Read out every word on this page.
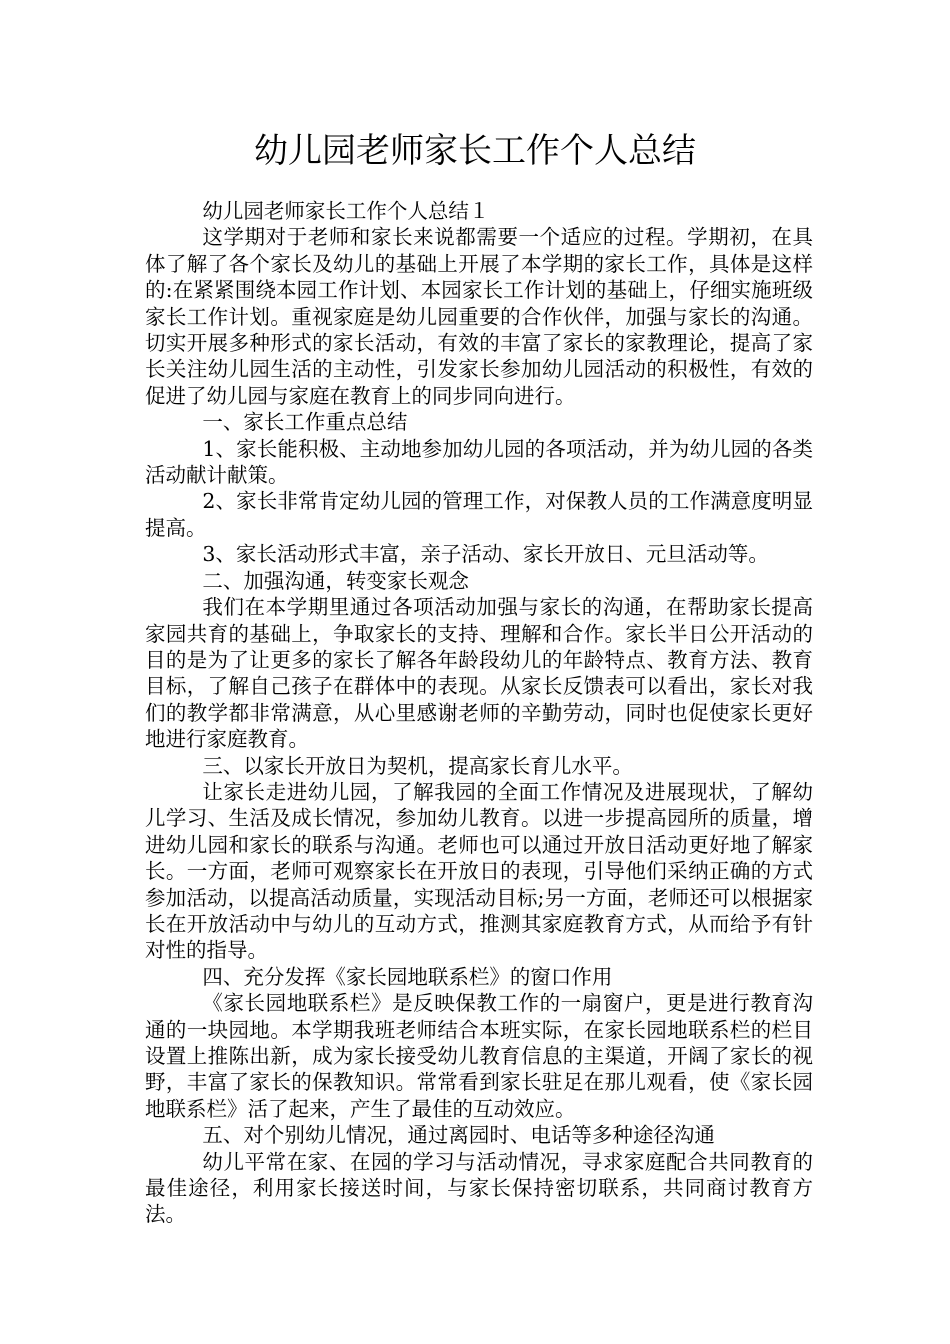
幼儿园老师家长工作个人总结

幼儿园老师家长工作个人总结１

这学期对于老师和家长来说都需要一个适应的过程。学期初，在具体了解了各个家长及幼儿的基础上开展了本学期的家长工作，具体是这样的:在紧紧围绕本园工作计划、本园家长工作计划的基础上，仔细实施班级家长工作计划。重视家庭是幼儿园重要的合作伙伴，加强与家长的沟通。切实开展多种形式的家长活动，有效的丰富了家长的家教理论，提高了家长关注幼儿园生活的主动性，引发家长参加幼儿园活动的积极性，有效的促进了幼儿园与家庭在教育上的同步同向进行。

一、家长工作重点总结

1、家长能积极、主动地参加幼儿园的各项活动，并为幼儿园的各类活动献计献策。

2、家长非常肯定幼儿园的管理工作，对保教人员的工作满意度明显提高。

3、家长活动形式丰富，亲子活动、家长开放日、元旦活动等。

二、加强沟通，转变家长观念

我们在本学期里通过各项活动加强与家长的沟通，在帮助家长提高家园共育的基础上，争取家长的支持、理解和合作。家长半日公开活动的目的是为了让更多的家长了解各年龄段幼儿的年龄特点、教育方法、教育目标，了解自己孩子在群体中的表现。从家长反馈表可以看出，家长对我们的教学都非常满意，从心里感谢老师的辛勤劳动，同时也促使家长更好地进行家庭教育。

三、以家长开放日为契机，提高家长育儿水平。

让家长走进幼儿园，了解我园的全面工作情况及进展现状，了解幼儿学习、生活及成长情况，参加幼儿教育。以进一步提高园所的质量，增进幼儿园和家长的联系与沟通。老师也可以通过开放日活动更好地了解家长。一方面，老师可观察家长在开放日的表现，引导他们采纳正确的方式参加活动，以提高活动质量，实现活动目标;另一方面，老师还可以根据家长在开放活动中与幼儿的互动方式，推测其家庭教育方式，从而给予有针对性的指导。

四、充分发挥《家长园地联系栏》的窗口作用

《家长园地联系栏》是反映保教工作的一扇窗户，更是进行教育沟通的一块园地。本学期我班老师结合本班实际，在家长园地联系栏的栏目设置上推陈出新，成为家长接受幼儿教育信息的主渠道，开阔了家长的视野，丰富了家长的保教知识。常常看到家长驻足在那儿观看，使《家长园地联系栏》活了起来，产生了最佳的互动效应。

五、对个别幼儿情况，通过离园时、电话等多种途径沟通

幼儿平常在家、在园的学习与活动情况，寻求家庭配合共同教育的最佳途径，利用家长接送时间，与家长保持密切联系，共同商讨教育方法。
